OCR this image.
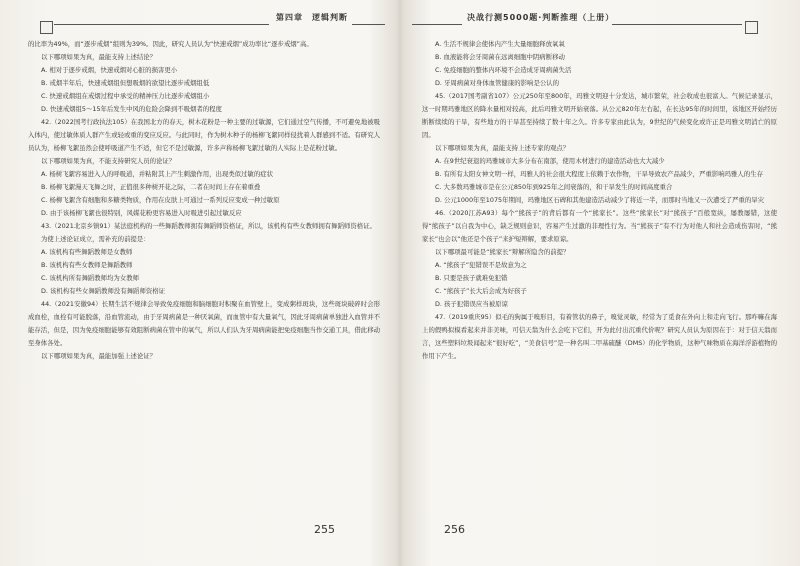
第四章　逻辑判断

的比率为49%，而“逐步戒烟”组则为39%。因此，研究人员认为“快速戒烟”成功率比“逐步戒烟”高。

以下哪项如果为真，最能支持上述结论？

A. 相对于逐步戒烟，快速戒烟对心脏的损害更小

B. 戒烟半年后，快速戒烟组但想吸烟的欲望比逐步戒烟组低

C. 快速戒烟组在戒烟过程中承受的精神压力比逐步戒烟组小

D. 快速戒烟组5～15年后发生中风的危险会降到不吸烟者的程度

42.（2022国考行政执法105）在我国北方的春天，树木花粉是一种主要的过敏源，它们通过空气传播，不可避免地被吸入体内，使过敏体质人群产生或轻或重的变应反应。与此同时，作为树木种子的杨柳飞絮同样侵扰着人群感到不适。有研究人员认为，杨柳飞絮虽然会使呼吸道产生不适，但它不是过敏源，许多声称杨柳飞絮过敏的人实际上是花粉过敏。

以下哪项如果为真，不能支持研究人员的论证？

A. 杨树飞絮容易进入人的呼吸道，并粘附其上产生刺激作用，出现类似过敏的症状

B. 杨柳飞絮漫天飞舞之时，正值很多种树开花之际，二者在时间上存在着重叠

C. 杨柳飞絮含有细胞和多糖类物质，作用在皮肤上可通过一系列反应变成一种过敏原

D. 由于该杨柳飞絮也很特别，风媒花粉更容易进入时吸进引起过敏反应

43.（2021北京乡镇91）某法庭机构的一些舞蹈教师拥有舞蹈师资格证，所以，该机构有些女教师拥有舞蹈师资格证。

为使上述论证成立，需补充的前提是：

A. 该机构有些舞蹈教师是女教师

B. 该机构有些女教师是舞蹈教师

C. 该机构所有舞蹈教师均为女教师

D. 该机构有些女舞蹈教师没有舞蹈师资格证

44.（2021安徽94）长期生活不规律会导致免疫细胞和脑细胞对积聚在血管壁上，变成粥样斑块，这些斑块破碎时会形成血栓，血栓有可能脱落，沿血管流动，由于牙周病菌是一种厌氧菌，而血管中有大量氧气，因此牙周病菌单独进入血管并不能存活，但是，因为免疫细胞能够有效阻断病菌在管中的氧气，所以人们认为牙周病菌能把免疫细胞当作交通工具，借此移动至身体各处。

以下哪项如果为真，最能加强上述论证？

255
决战行测5000题·判断推理（上册）

A. 生活不规律会使体内产生大量细胞释放氧氧

B. 血液能将会牙周菌在远离细胞中阴病断移动

C. 免疫细胞的整体内环境不会造成牙周病菌失活

D. 牙周病菌对身体血管健康的影响是公认的

45.（2017国考副省107）公元250年至800年，玛雅文明迎十分发达，城市繁荣，社会收成也很富人。气候记录显示，这一时期玛雅地区的降水量相对较高，此后玛雅文明开始衰落。从公元820年左右起，在长达95年的时间里，该地区开始经历断断续续的干旱，有些地方的干旱甚至持续了数十年之久。许多专家由此认为，9世纪的气候变化或许正是玛雅文明消亡的原因。

以下哪项如果为真，最能支持上述专家的观点？

A. 在9世纪衰退的玛雅城市大多分布在南部，使用木材进行的建造活动也大大减少

B. 有所有太阳女神文明一样，玛雅人的社会很大程度上依赖于农作物，干旱导致农产品减少，严重影响玛雅人的生存

C. 大多数玛雅城市是在公元850年到925年之间衰落的，和干旱发生的时间高度重合

D. 公元1000年至1075年期间，玛雅地区石碑和其他建造活动减少了将近一半，而那时当地又一次遭受了严重的旱灾

46.（2020江苏A93）每个“熊孩子”的背后都有一个“熊家长”。这些“熊家长”对“熊孩子”百般宽纵，屡教屡错，这使得“熊孩子”以自我为中心，缺乏规则意识，容易产生过激的非理性行为。当“熊孩子”有不行为对他人和社会造成伤害时，“熊家长”也会以“他还是个孩子”来护短辩解，要求原谅。

以下哪项最可能是“熊家长”辩解所隐含的前提？

A. “熊孩子”犯错误不是故意为之

B. 只要是孩子就难免犯错

C. “熊孩子”长大后会成为好孩子

D. 孩子犯错误应当被原谅

47.（2019重庆95）似毛的狗属于嗅形目，有着管状的鼻子，嗅觉灵敏，经常为了觅食在外向上和走向飞行。那咋嘛在海上的假鸭拟模看起来并非美味，可信天翁为什么会吃下它们，开为此付出沉重代价呢？研究人员认为原因在于：对于信天翁而言，这些塑料垃圾闻起来“很好吃”，“美食信号”是一种名叫二甲基硫醚（DMS）的化学物质，这种气味物质在海洋浮游植物的作用下产生。

256
